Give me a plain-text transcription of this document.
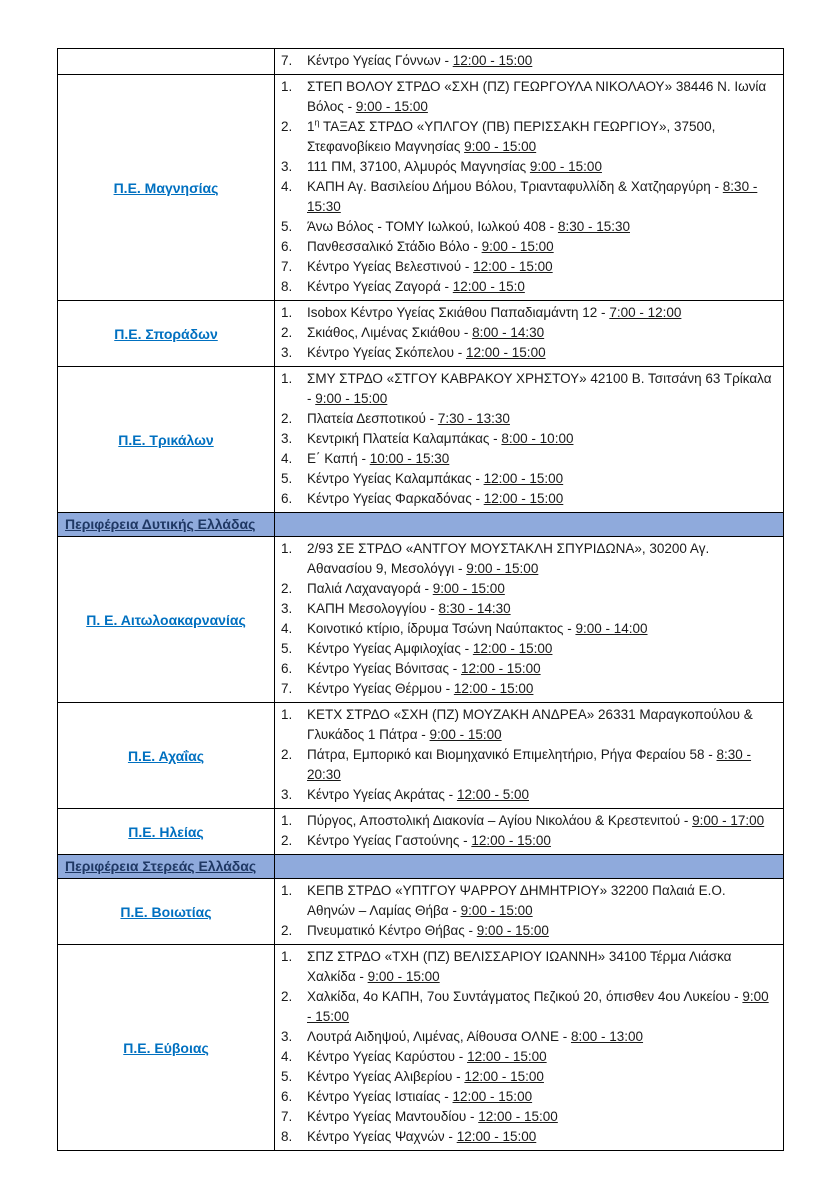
	7. Κέντρο Υγείας Γόννων - 12:00 - 15:00

Π.Ε. Μαγνησίας	
1.	ΣΤΕΠ ΒΟΛΟΥ ΣΤΡΔΟ «ΣΧΗ (ΠΖ) ΓΕΩΡΓΟΥΛΑ ΝΙΚΟΛΑΟΥ» 38446 Ν. Ιωνία Βόλος - 9:00 - 15:00
2.	$1^\eta$ ΤΑΞΑΣ ΣΤΡΔΟ «ΥΠΛΓΟΥ (ΠΒ) ΠΕΡΙΣΣΑΚΗ ΓΕΩΡΓΙΟΥ», 37500, Στεφανοβίκειο Μαγνησίας 9:00 - 15:00
3.	111 ΠΜ, 37100, Αλμυρός Μαγνησίας 9:00 - 15:00
4.	ΚΑΠΗ Αγ. Βασιλείου Δήμου Βόλου, Τριανταφυλλίδη & Χατζηαργύρη - 8:30 - 15:30
5.	Άνω Βόλος - ΤΟΜΥ Ιωλκού, Ιωλκού 408 - 8:30 - 15:30
6.	Πανθεσσαλικό Στάδιο Βόλο - 9:00 - 15:00
7.	Κέντρο Υγείας Βελεστινού - 12:00 - 15:00
8.	Κέντρο Υγείας Ζαγορά - 12:00 - 15:0

Π.Ε. Σποράδων	
1.	Isobox Κέντρο Υγείας Σκιάθου Παπαδιαμάντη 12 - 7:00 - 12:00
2.	Σκιάθος, Λιμένας Σκιάθου - 8:00 - 14:30
3.	Κέντρο Υγείας Σκόπελου - 12:00 - 15:00

Π.Ε. Τρικάλων	
1.	ΣΜΥ ΣΤΡΔΟ «ΣΤΓΟΥ ΚΑΒΡΑΚΟΥ ΧΡΗΣΤΟΥ» 42100 Β. Τσιτσάνη 63 Τρίκαλα - 9:00 - 15:00
2.	Πλατεία Δεσποτικού - 7:30 - 13:30
3.	Κεντρική Πλατεία Καλαμπάκας - 8:00 - 10:00
4.	Ε΄ Καπή - 10:00 - 15:30
5.	Κέντρο Υγείας Καλαμπάκας - 12:00 - 15:00
6.	Κέντρο Υγείας Φαρκαδόνας - 12:00 - 15:00

Περιφέρεια Δυτικής Ελλάδας	
Π. Ε. Αιτωλοακαρνανίας	
1.	2/93 ΣΕ ΣΤΡΔΟ «ΑΝΤΓΟΥ ΜΟΥΣΤΑΚΛΗ ΣΠΥΡΙΔΩΝΑ», 30200 Αγ. Αθανασίου 9, Μεσολόγγι - 9:00 - 15:00
2.	Παλιά Λαχαναγορά - 9:00 - 15:00
3.	ΚΑΠΗ Μεσολογγίου - 8:30 - 14:30
4.	Κοινοτικό κτίριο, ίδρυμα Τσώνη Ναύπακτος - 9:00 - 14:00
5.	Κέντρο Υγείας Αμφιλοχίας - 12:00 - 15:00
6.	Κέντρο Υγείας Βόνιτσας - 12:00 - 15:00
7.	Κέντρο Υγείας Θέρμου - 12:00 - 15:00

Π.Ε. Αχαΐας	
1.	ΚΕΤΧ ΣΤΡΔΟ «ΣΧΗ (ΠΖ) ΜΟΥΖΑΚΗ ΑΝΔΡΕΑ» 26331 Μαραγκοπούλου & Γλυκάδος 1 Πάτρα - 9:00 - 15:00
2.	Πάτρα, Εμπορικό και Βιομηχανικό Επιμελητήριο, Ρήγα Φεραίου 58 - 8:30 - 20:30
3.	Κέντρο Υγείας Ακράτας - 12:00 - 5:00

Π.Ε. Ηλείας	1. Πύργος, Αποστολική Διακονία – Αγίου Νικολάου & Κρεστενιτού - 9:00 - 17:00
2. Κέντρο Υγείας Γαστούνης - 12:00 - 15:00

Περιφέρεια Στερεάς Ελλάδας	
Π.Ε. Βοιωτίας	1. ΚΕΠΒ ΣΤΡΔΟ «ΥΠΤΓΟΥ ΨΑΡΡΟΥ ΔΗΜΗΤΡΙΟΥ» 32200 Παλαιά Ε.Ο. Αθηνών – Λαμίας Θήβα - 9:00 - 15:00
2. Πνευματικό Κέντρο Θήβας - 9:00 - 15:00

Π.Ε. Εύβοιας	
1.	ΣΠΖ ΣΤΡΔΟ «ΤΧΗ (ΠΖ) ΒΕΛΙΣΣΑΡΙΟΥ ΙΩΑΝΝΗ» 34100 Τέρμα Λιάσκα Χαλκίδα - 9:00 - 15:00
2.	Χαλκίδα, 4ο ΚΑΠΗ, 7ου Συντάγματος Πεζικού 20, όπισθεν 4ου Λυκείου - 9:00 - 15:00
3.	Λουτρά Αιδηψού, Λιμένας, Αίθουσα ΟΛΝΕ - 8:00 - 13:00
4.	Κέντρο Υγείας Καρύστου - 12:00 - 15:00
5.	Κέντρο Υγείας Αλιβερίου - 12:00 - 15:00
6.	Κέντρο Υγείας Ιστιαίας - 12:00 - 15:00
7.	Κέντρο Υγείας Μαντουδίου - 12:00 - 15:00
8.	Κέντρο Υγείας Ψαχνών - 12:00 - 15:00
